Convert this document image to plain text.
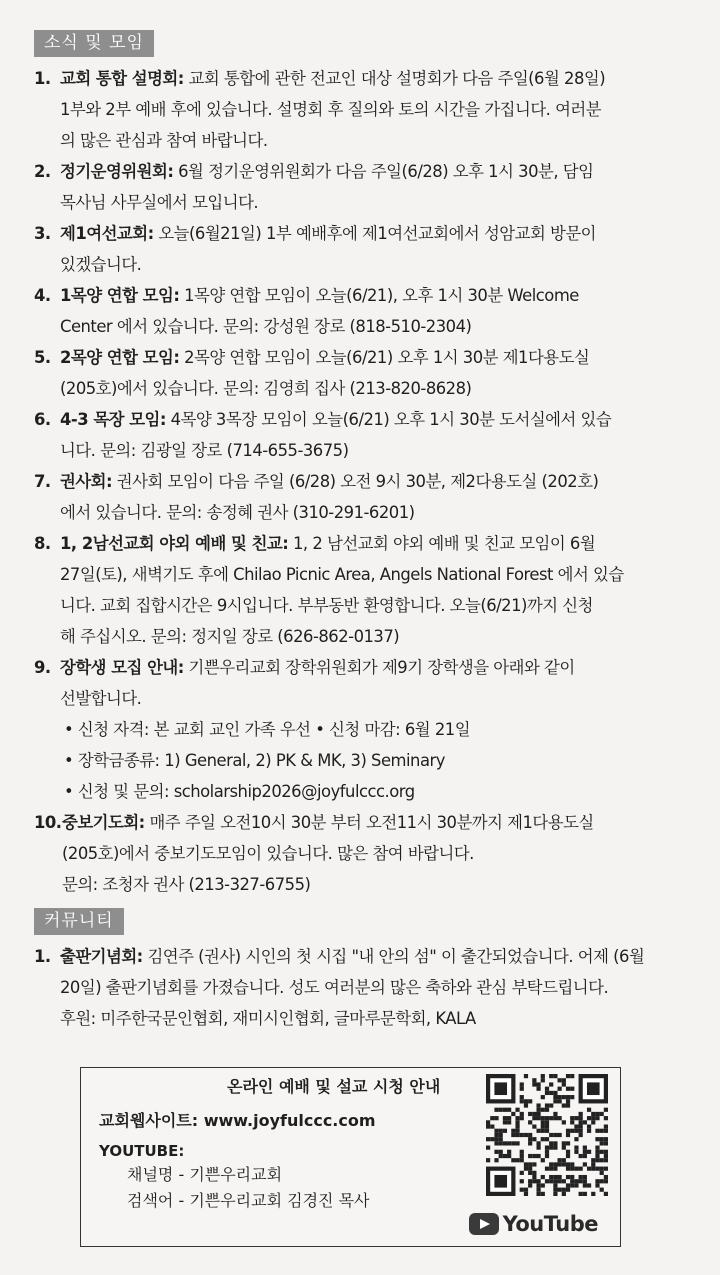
소식 및 모임
1. 교회 통합 설명회: 교회 통합에 관한 전교인 대상 설명회가 다음 주일(6월 28일)
1부와 2부 예배 후에 있습니다. 설명회 후 질의와 토의 시간을 가집니다. 여러분
의 많은 관심과 참여 바랍니다.
2. 정기운영위원회: 6월 정기운영위원회가 다음 주일(6/28) 오후 1시 30분, 담임
목사님 사무실에서 모입니다.
3. 제1여선교회: 오늘(6월21일) 1부 예배후에 제1여선교회에서 성암교회 방문이
있겠습니다.
4. 1목양 연합 모임: 1목양 연합 모임이 오늘(6/21), 오후 1시 30분 Welcome
Center 에서 있습니다. 문의: 강성원 장로 (818-510-2304)
5. 2목양 연합 모임: 2목양 연합 모임이 오늘(6/21) 오후 1시 30분 제1다용도실
(205호)에서 있습니다. 문의: 김영희 집사 (213-820-8628)
6. 4-3 목장 모임: 4목양 3목장 모임이 오늘(6/21) 오후 1시 30분 도서실에서 있습
니다. 문의: 김광일 장로 (714-655-3675)
7. 권사회: 권사회 모임이 다음 주일 (6/28) 오전 9시 30분, 제2다용도실 (202호)
에서 있습니다. 문의: 송정혜 권사 (310-291-6201)
8. 1, 2남선교회 야외 예배 및 친교: 1, 2 남선교회 야외 예배 및 친교 모임이 6월
27일(토), 새벽기도 후에 Chilao Picnic Area, Angels National Forest 에서 있습
니다. 교회 집합시간은 9시입니다. 부부동반 환영합니다. 오늘(6/21)까지 신청
해 주십시오. 문의: 정지일 장로 (626-862-0137)
9. 장학생 모집 안내: 기쁜우리교회 장학위원회가 제9기 장학생을 아래와 같이
선발합니다.
• 신청 자격: 본 교회 교인 가족 우선 • 신청 마감: 6월 21일
• 장학금종류: 1) General, 2) PK & MK, 3) Seminary
• 신청 및 문의: scholarship2026@joyfulccc.org
10. 중보기도회: 매주 주일 오전10시 30분 부터 오전11시 30분까지 제1다용도실
(205호)에서 중보기도모임이 있습니다. 많은 참여 바랍니다.
문의: 조청자 권사 (213-327-6755)
커뮤니티
1. 출판기념회: 김연주 (권사) 시인의 첫 시집 "내 안의 섬" 이 출간되었습니다. 어제 (6월
20일) 출판기념회를 가졌습니다. 성도 여러분의 많은 축하와 관심 부탁드립니다.
후원: 미주한국문인협회, 재미시인협회, 글마루문학회, KALA
온라인 예배 및 설교 시청 안내
교회웹사이트: www.joyfulccc.com
YOUTUBE:
채널명 - 기쁜우리교회
검색어 - 기쁜우리교회 김경진 목사
YouTube
